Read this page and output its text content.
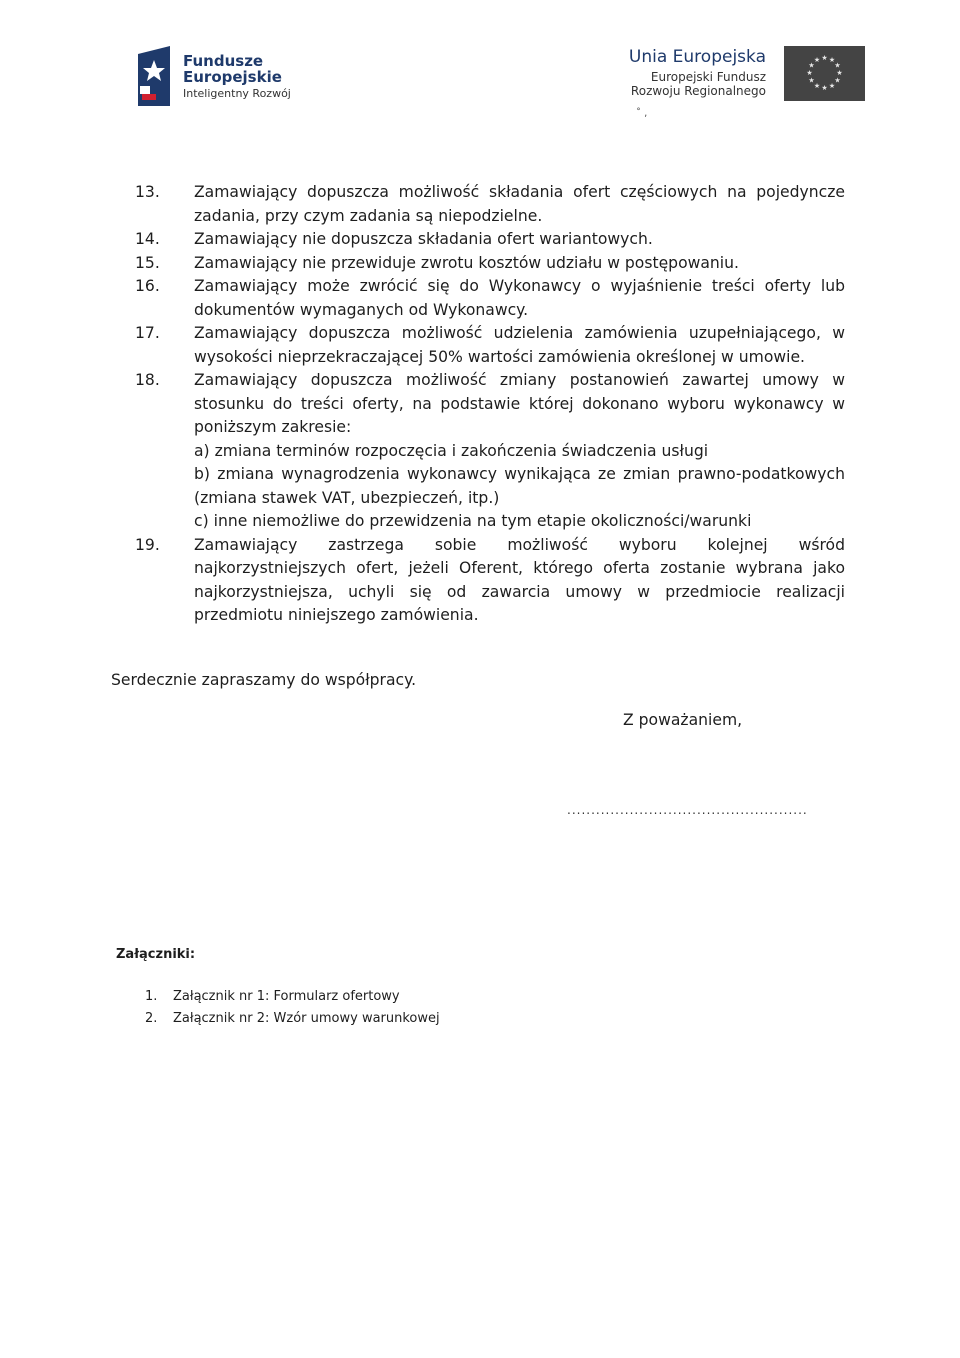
Fundusze
Europejskie
Inteligentny Rozwój
Unia Europejska
Europejski Fundusz
Rozwoju Regionalnego
★ ★
★
★
★
★
★
★
★
★
★
★
˚ ,
13. Zamawiający dopuszcza możliwość składania ofert częściowych na pojedyncze zadania, przy czym zadania są niepodzielne.
14. Zamawiający nie dopuszcza składania ofert wariantowych.
15. Zamawiający nie przewiduje zwrotu kosztów udziału w postępowaniu.
16. Zamawiający może zwrócić się do Wykonawcy o wyjaśnienie treści oferty lub dokumentów wymaganych od Wykonawcy.
17. Zamawiający dopuszcza możliwość udzielenia zamówienia uzupełniającego, w wysokości nieprzekraczającej 50% wartości zamówienia określonej w umowie.
18. Zamawiający dopuszcza możliwość zmiany postanowień zawartej umowy w stosunku do treści oferty, na podstawie której dokonano wyboru wykonawcy w poniższym zakresie:
a) zmiana terminów rozpoczęcia i zakończenia świadczenia usługi
b) zmiana wynagrodzenia wykonawcy wynikająca ze zmian prawno-podatkowych (zmiana stawek VAT, ubezpieczeń, itp.)
c) inne niemożliwe do przewidzenia na tym etapie okoliczności/warunki
19. Zamawiający zastrzega sobie możliwość wyboru kolejnej wśród najkorzystniejszych ofert, jeżeli Oferent, którego oferta zostanie wybrana jako najkorzystniejsza, uchyli się od zawarcia umowy w przedmiocie realizacji przedmiotu niniejszego zamówienia.
Serdecznie zapraszamy do współpracy.
Z poważaniem,
..................................................
Załączniki:
1. Załącznik nr 1: Formularz ofertowy
2. Załącznik nr 2: Wzór umowy warunkowej
